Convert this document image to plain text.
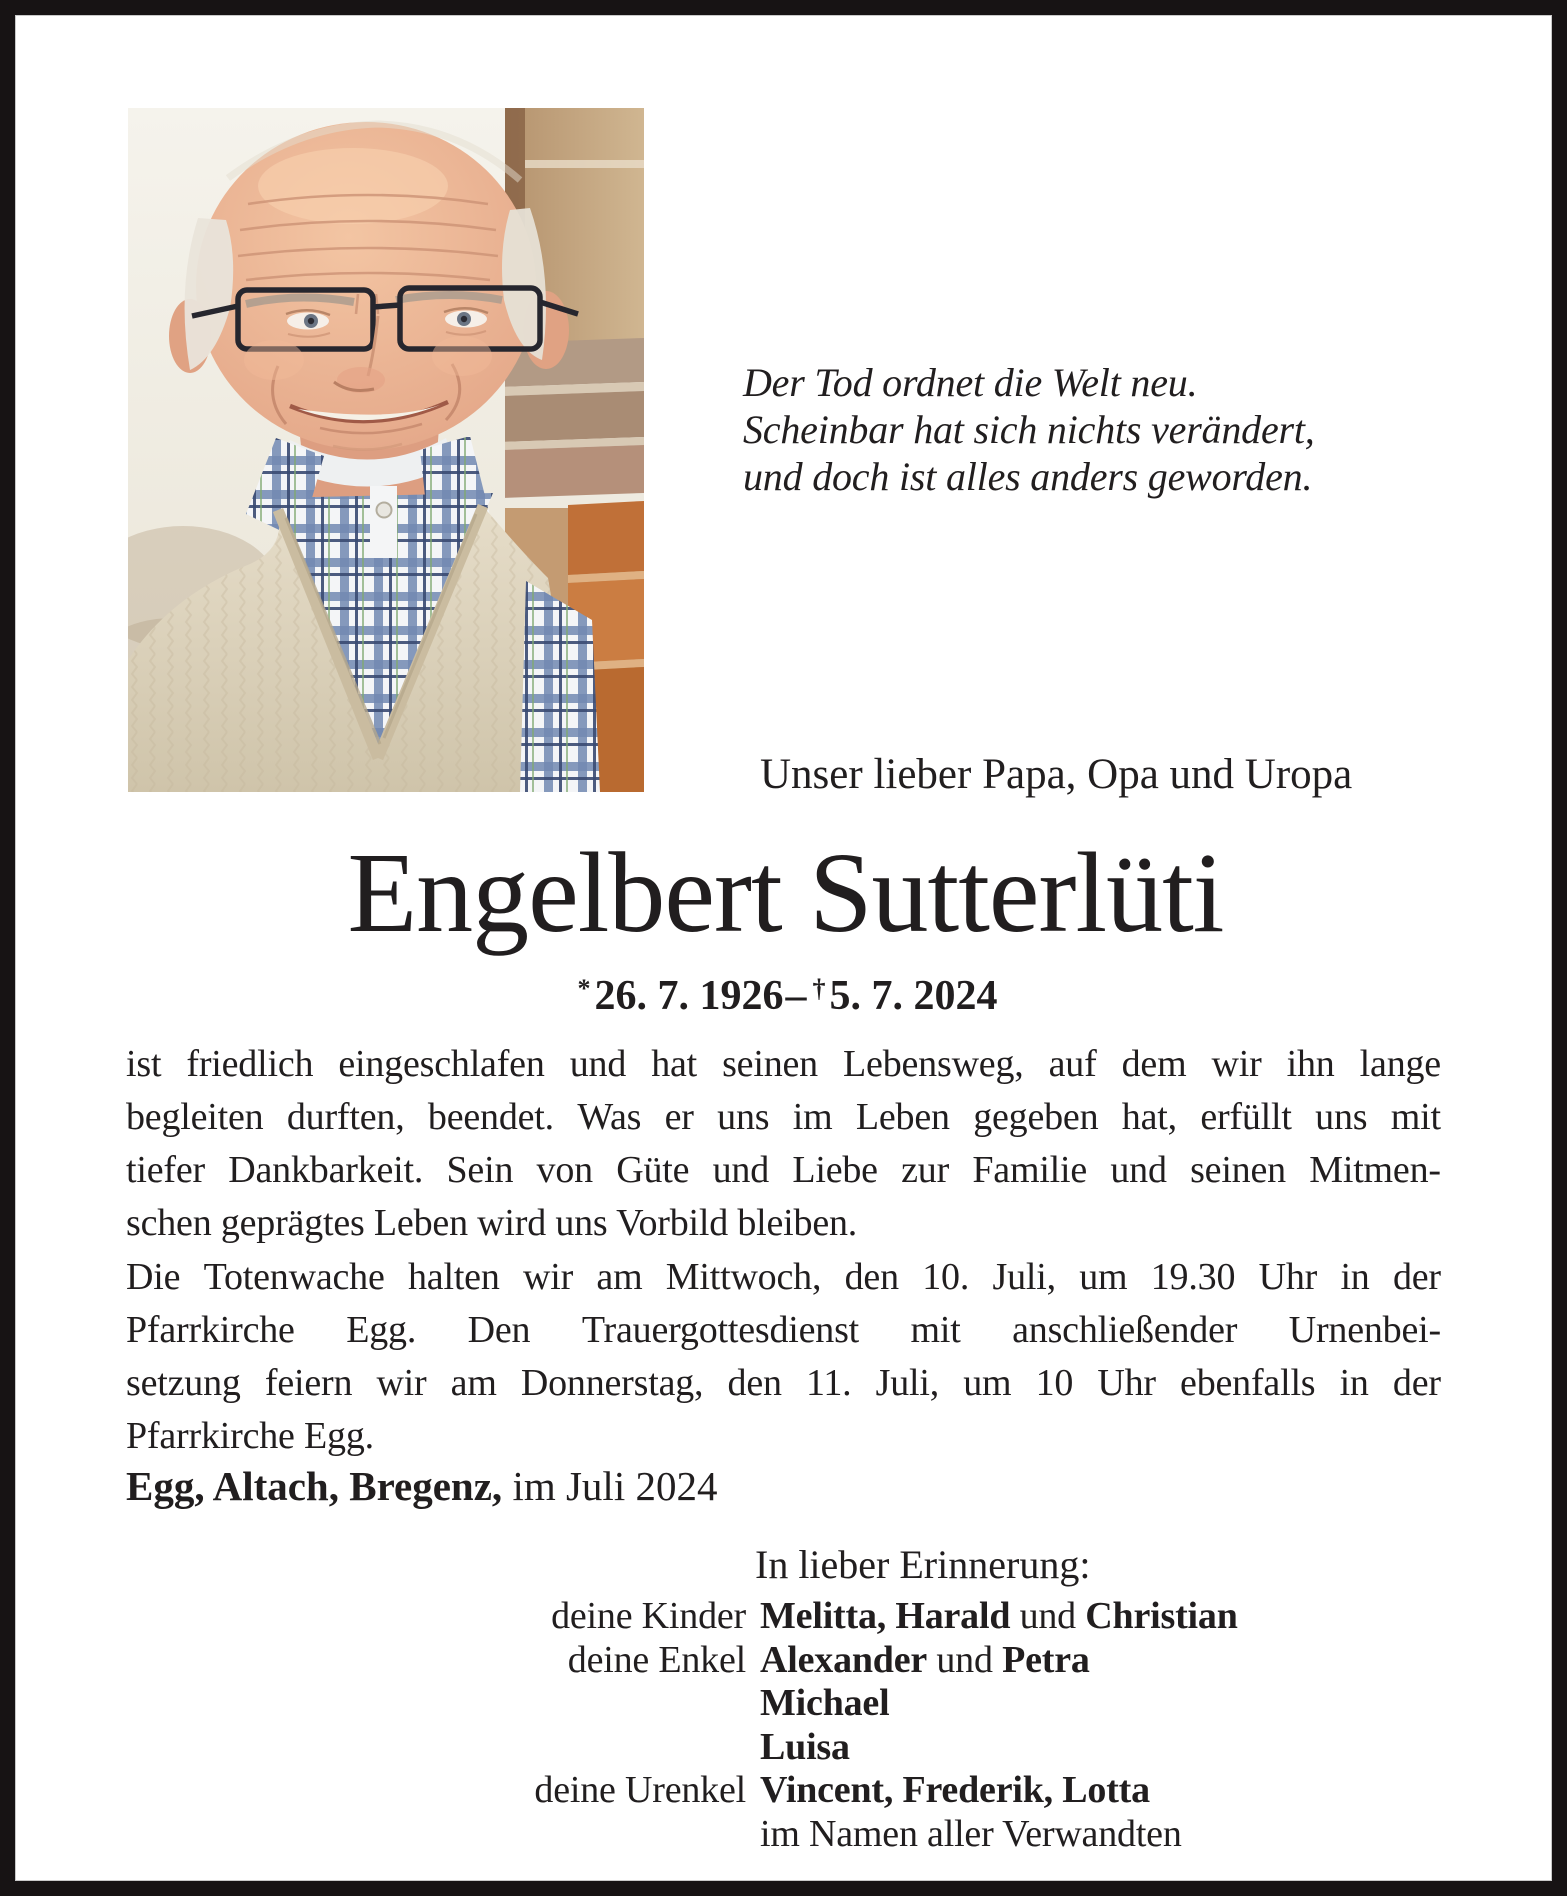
Der Tod ordnet die Welt neu.
Scheinbar hat sich nichts verändert,
und doch ist alles anders geworden.
Unser lieber Papa, Opa und Uropa
Engelbert Sutterlüti
*26. 7. 1926– †5. 7. 2024
ist friedlich eingeschlafen und hat seinen Lebensweg, auf dem wir ihn lange
begleiten durften, beendet. Was er uns im Leben gegeben hat, erfüllt uns mit
tiefer Dankbarkeit. Sein von Güte und Liebe zur Familie und seinen Mitmen-
schen geprägtes Leben wird uns Vorbild bleiben.
Die Totenwache halten wir am Mittwoch, den 10. Juli, um 19.30 Uhr in der
Pfarrkirche Egg. Den Trauergottesdienst mit anschließender Urnenbei-
setzung feiern wir am Donnerstag, den 11. Juli, um 10 Uhr ebenfalls in der
Pfarrkirche Egg.
Egg, Altach, Bregenz, im Juli 2024
In lieber Erinnerung:
deine Kinder Melitta, Harald und Christian
deine Enkel Alexander und Petra
Michael
Luisa
deine Urenkel Vincent, Frederik, Lotta
im Namen aller Verwandten
